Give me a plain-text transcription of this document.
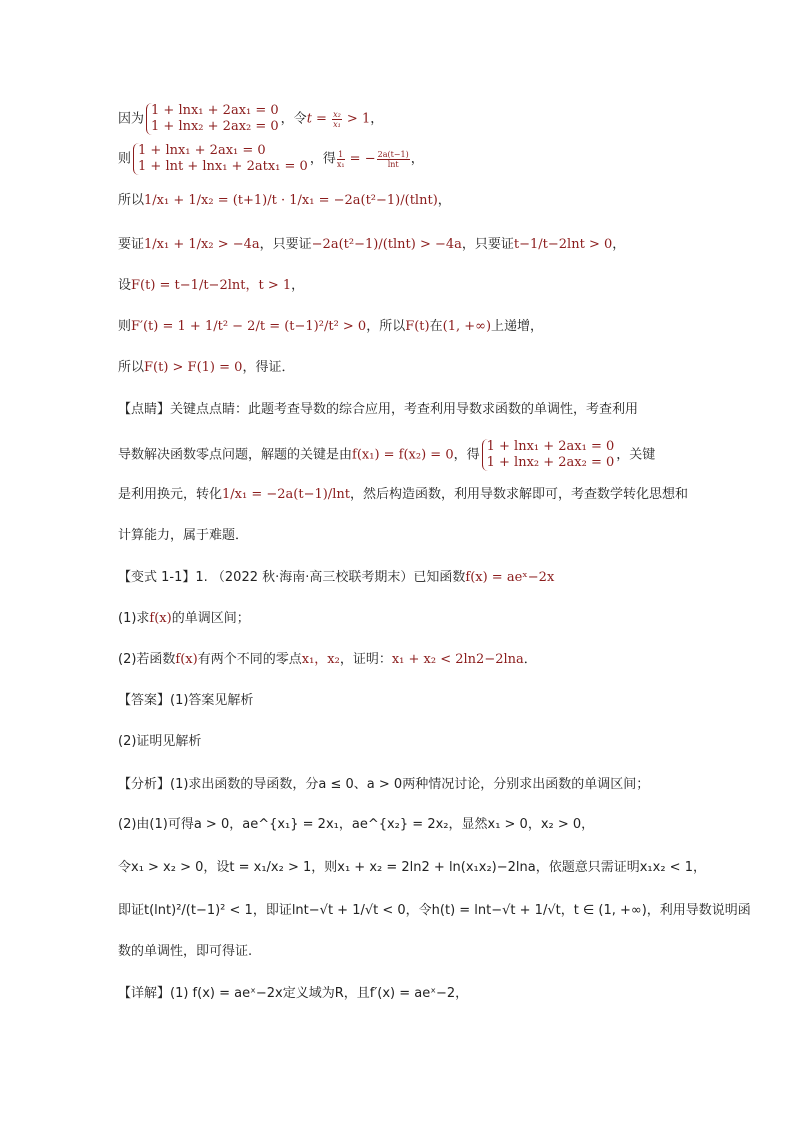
因为
1 + lnx₁ + 2ax₁ = 0
1 + lnx₂ + 2ax₂ = 0 ，令$t = \frac{\text{x₂}}{\text{x₁}} > 1$，
则
1 + lnx₁ + 2ax₁ = 0
1 + lnt + lnx₁ + 2atx₁ = 0 ，得 $\frac{1}{\text{x₁}}$ = − $\frac{2a(t-1)}{\ln t}$ ，
所以1/x₁ + 1/x₂ = (t+1)/t · 1/x₁ = −2a(t²−1)/(tlnt)，
要证1/x₁ + 1/x₂ > −4a，只要证−2a(t²−1)/(tlnt) > −4a，只要证t−1/t−2lnt > 0，
设F(t) = t−1/t−2lnt，t > 1，
则F′(t) = 1 + 1/t² − 2/t = (t−1)²/t² > 0，所以F(t)在(1, +∞)上递增，
所以F(t) > F(1) = 0，得证．
【点睛】关键点点睛：此题考查导数的综合应用，考查利用导数求函数的单调性，考查利用
导数解决函数零点问题，解题的关键是由f(x₁) = f(x₂) = 0，得
1 + lnx₁ + 2ax₁ = 0
1 + lnx₂ + 2ax₂ = 0 ，关键
是利用换元，转化1/x₁ = −2a(t−1)/lnt，然后构造函数，利用导数求解即可，考查数学转化思想和
计算能力，属于难题．
【变式 1-1】1. （2022 秋·海南·高三校联考期末）已知函数f(x) = aeˣ−2x
(1)求f(x)的单调区间；
(2)若函数f(x)有两个不同的零点x₁，x₂，证明：x₁ + x₂ < 2ln2−2lna．
【答案】(1)答案见解析
(2)证明见解析
【分析】(1)求出函数的导函数，分a ≤ 0、a > 0两种情况讨论，分别求出函数的单调区间；
(2)由(1)可得a > 0，ae^{x₁} = 2x₁，ae^{x₂} = 2x₂，显然x₁ > 0，x₂ > 0，
令x₁ > x₂ > 0，设t = x₁/x₂ > 1，则x₁ + x₂ = 2ln2 + ln(x₁x₂)−2lna，依题意只需证明x₁x₂ < 1，
即证t(lnt)²/(t−1)² < 1，即证lnt−√t + 1/√t < 0，令h(t) = lnt−√t + 1/√t，t ∈ (1, +∞)，利用导数说明函
数的单调性，即可得证.
【详解】(1) f(x) = aeˣ−2x定义域为R，且f′(x) = aeˣ−2，
